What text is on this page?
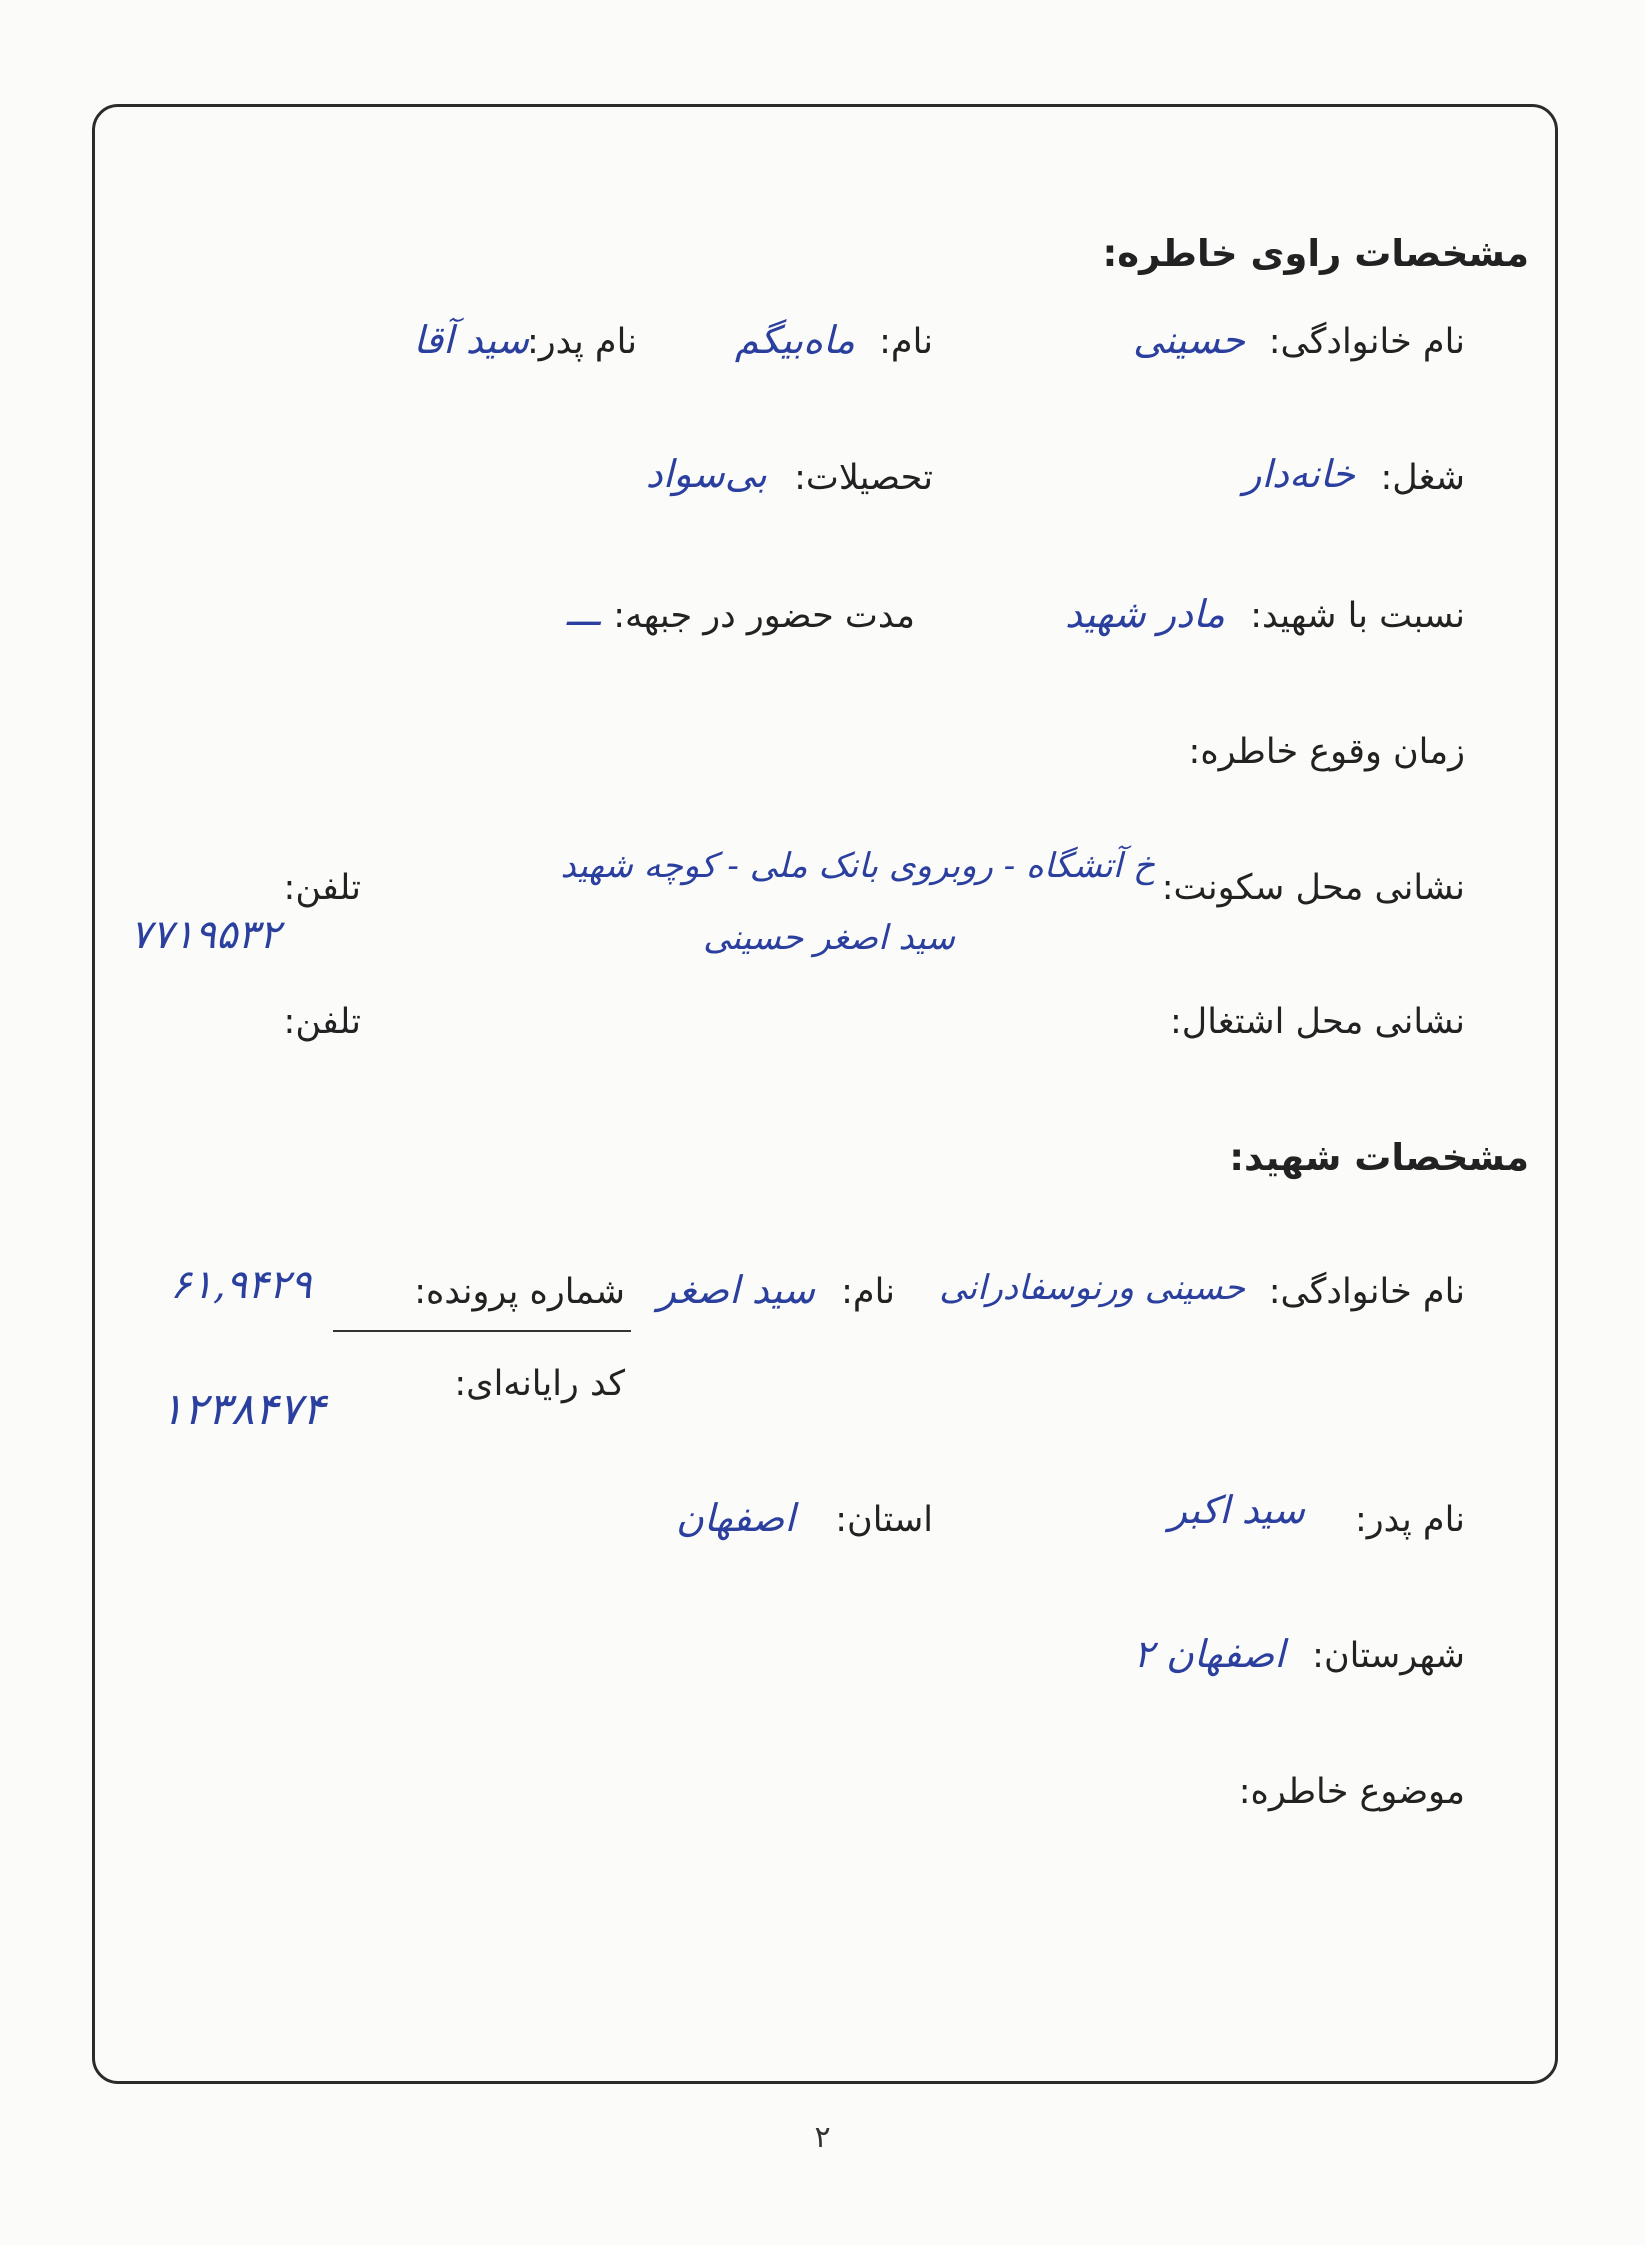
مشخصات راوی خاطره:
نام خانوادگی:
حسینی
نام:
ماه‌بیگم
نام پدر:
سید آقا
شغل:
خانه‌دار
تحصیلات:
بی‌سواد
نسبت با شهید:
مادر شهید
مدت حضور در جبهه:
ـــ
زمان وقوع خاطره:
نشانی محل سکونت:
خ آتشگاه - روبروی بانک ملی - کوچه شهید
سید اصغر حسینی
تلفن:
۷۷۱۹۵۳۲
نشانی محل اشتغال:
تلفن:
مشخصات شهید:
نام خانوادگی:
حسینی ورنوسفادرانی
نام:
سید اصغر
شماره پرونده:
۶۱,۹۴۲۹
کد رایانه‌ای:
۱۲۳۸۴۷۴
نام پدر:
سید اکبر
استان:
اصفهان
شهرستان:
اصفهان ۲
موضوع خاطره:
۲
